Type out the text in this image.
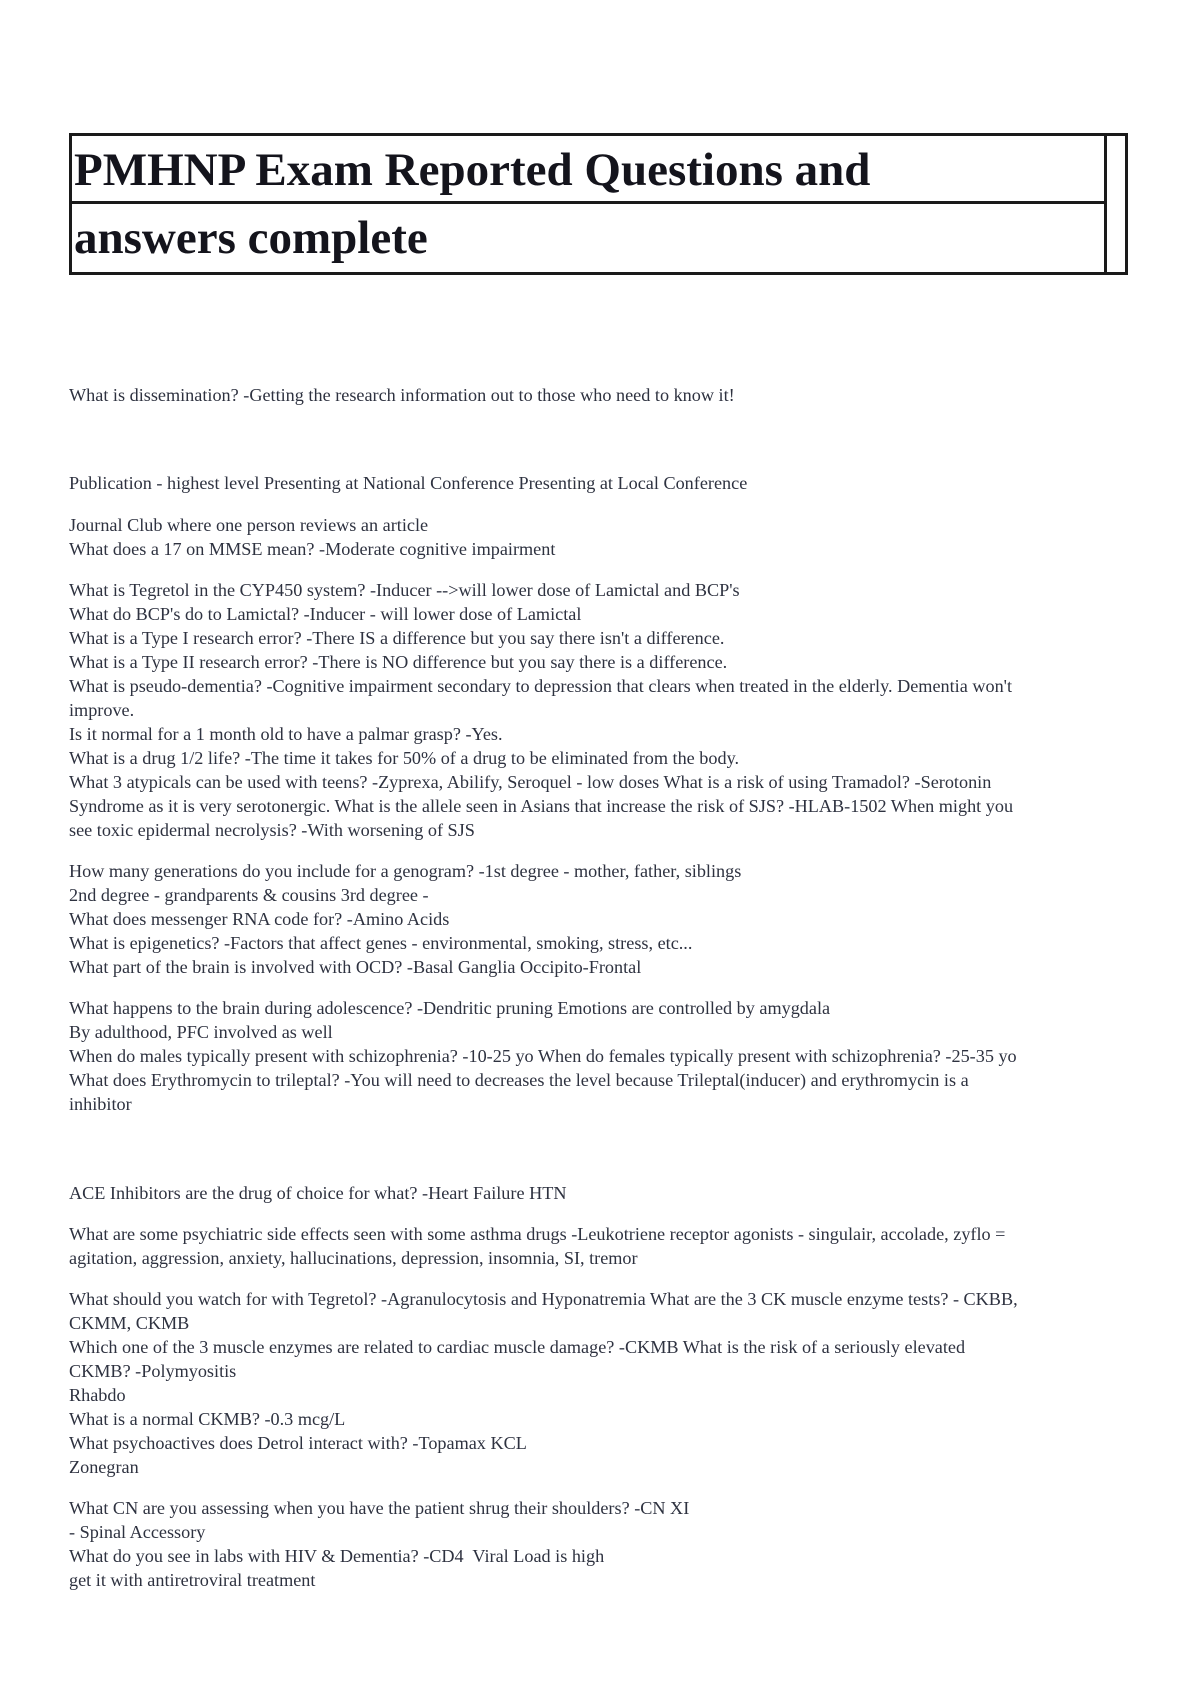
PMHNP Exam Reported Questions and
answers complete

What is dissemination? -Getting the research information out to those who need to know it!

Publication - highest level Presenting at National Conference Presenting at Local Conference

Journal Club where one person reviews an article
What does a 17 on MMSE mean? -Moderate cognitive impairment

What is Tegretol in the CYP450 system? -Inducer -->will lower dose of Lamictal and BCP's
What do BCP's do to Lamictal? -Inducer - will lower dose of Lamictal
What is a Type I research error? -There IS a difference but you say there isn't a difference.
What is a Type II research error? -There is NO difference but you say there is a difference.
What is pseudo-dementia? -Cognitive impairment secondary to depression that clears when treated in the elderly. Dementia won't
improve.
Is it normal for a 1 month old to have a palmar grasp? -Yes.
What is a drug 1/2 life? -The time it takes for 50% of a drug to be eliminated from the body.
What 3 atypicals can be used with teens? -Zyprexa, Abilify, Seroquel - low doses What is a risk of using Tramadol? -Serotonin
Syndrome as it is very serotonergic. What is the allele seen in Asians that increase the risk of SJS? -HLAB-1502 When might you
see toxic epidermal necrolysis? -With worsening of SJS

How many generations do you include for a genogram? -1st degree - mother, father, siblings
2nd degree - grandparents & cousins 3rd degree -
What does messenger RNA code for? -Amino Acids
What is epigenetics? -Factors that affect genes - environmental, smoking, stress, etc...
What part of the brain is involved with OCD? -Basal Ganglia Occipito-Frontal

What happens to the brain during adolescence? -Dendritic pruning Emotions are controlled by amygdala
By adulthood, PFC involved as well
When do males typically present with schizophrenia? -10-25 yo When do females typically present with schizophrenia? -25-35 yo
What does Erythromycin to trileptal? -You will need to decreases the level because Trileptal(inducer) and erythromycin is a
inhibitor

ACE Inhibitors are the drug of choice for what? -Heart Failure HTN

What are some psychiatric side effects seen with some asthma drugs -Leukotriene receptor agonists - singulair, accolade, zyflo =
agitation, aggression, anxiety, hallucinations, depression, insomnia, SI, tremor

What should you watch for with Tegretol? -Agranulocytosis and Hyponatremia What are the 3 CK muscle enzyme tests? - CKBB,
CKMM, CKMB
Which one of the 3 muscle enzymes are related to cardiac muscle damage? -CKMB What is the risk of a seriously elevated
CKMB? -Polymyositis
Rhabdo
What is a normal CKMB? -0.3 mcg/L
What psychoactives does Detrol interact with? -Topamax KCL
Zonegran

What CN are you assessing when you have the patient shrug their shoulders? -CN XI
- Spinal Accessory
What do you see in labs with HIV & Dementia? -CD4  Viral Load is high
get it with antiretroviral treatment
